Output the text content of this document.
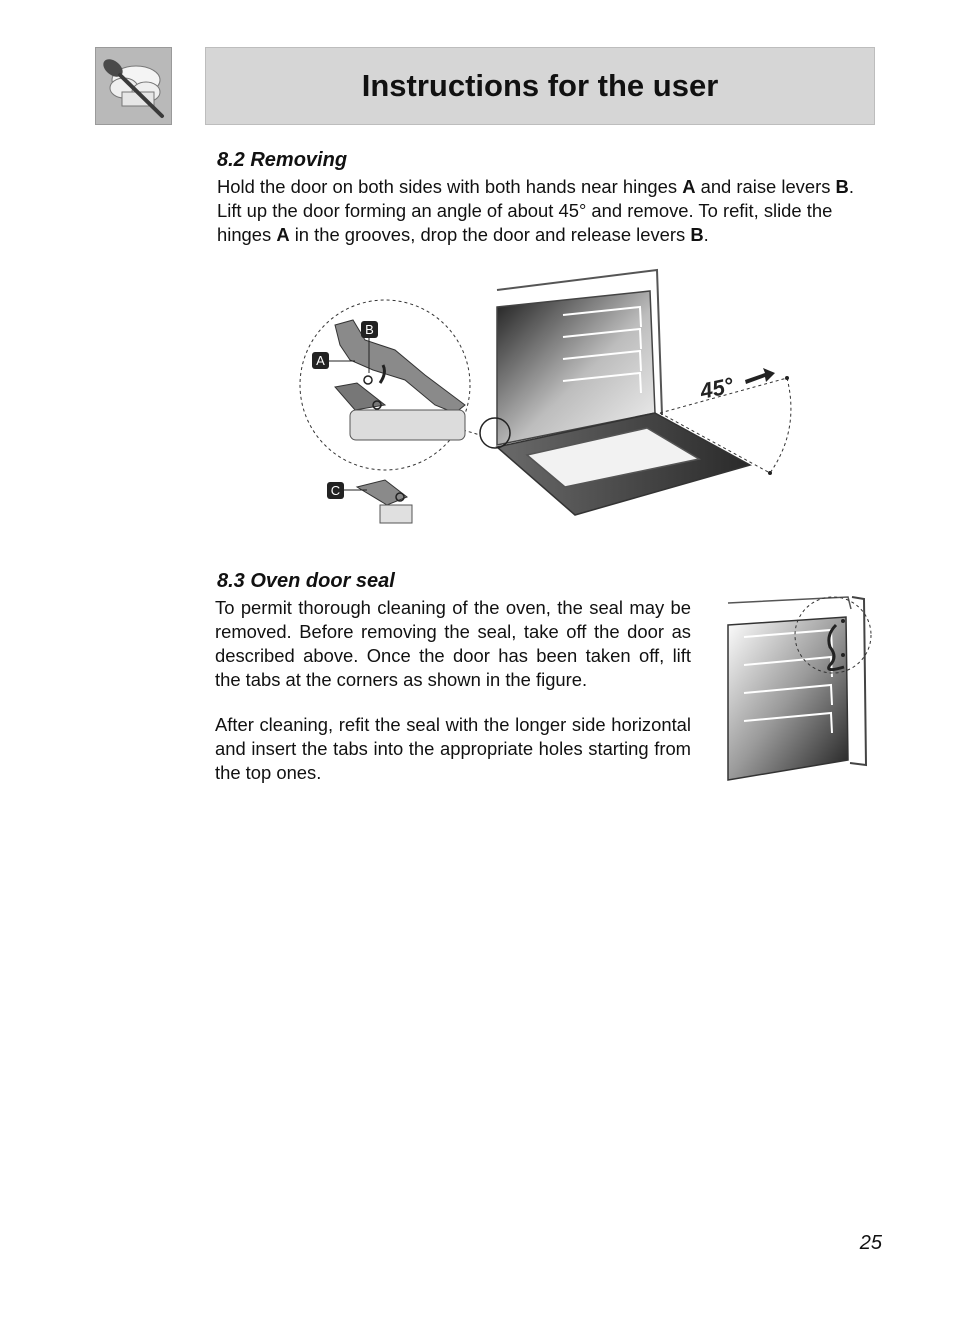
Instructions for the user
8.2 Removing

Hold the door on both sides with both hands near hinges A and raise levers B. Lift up the door forming an angle of about 45° and remove. To refit, slide the hinges A in the grooves, drop the door and release levers B.

45°
B
A
C
8.3 Oven door seal

To permit thorough cleaning of the oven, the seal may be removed. Before removing the seal, take off the door as described above. Once the door has been taken off, lift the tabs at the corners as shown in the figure.

After cleaning, refit the seal with the longer side horizontal and insert the tabs into the appropriate holes starting from the top ones.

25
